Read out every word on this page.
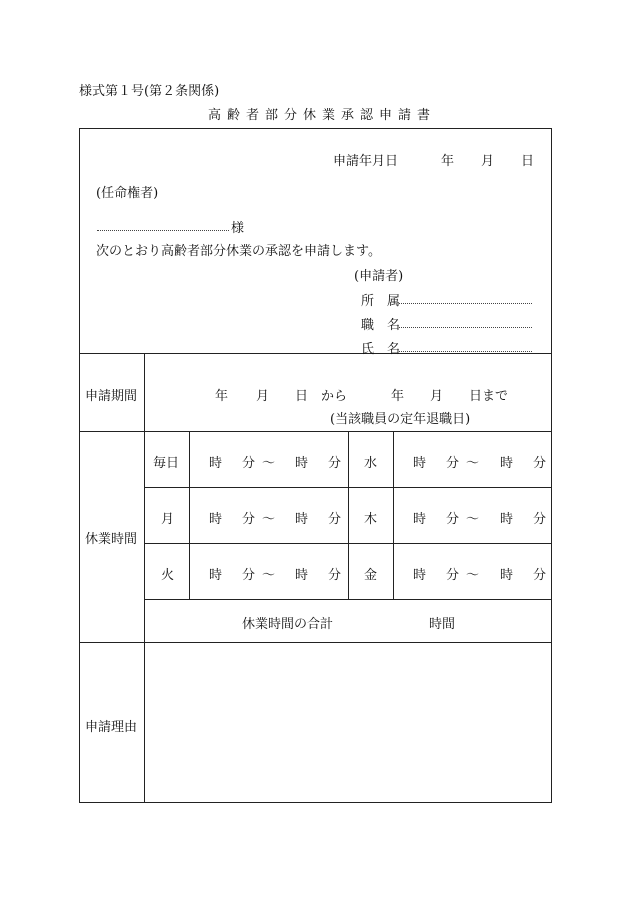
様式第１号(第２条関係)
高齢者部分休業承認申請書
申請年月日	年 月 日
(任命権者)
様
次のとおり高齢者部分休業の承認を申請します。
(申請者)
所　属
職　名
氏　名
申請期間	年 月 日　から	年 月 日まで
(当該職員の定年退職日)
休業時間
毎日 時 分 ～ 時 分 水	時 分 ～ 時 分
月	時 分 ～ 時 分 木	時 分 ～ 時 分
火	時 分 ～ 時 分 金	時 分 ～ 時 分
休業時間の合計	時間
申請理由
